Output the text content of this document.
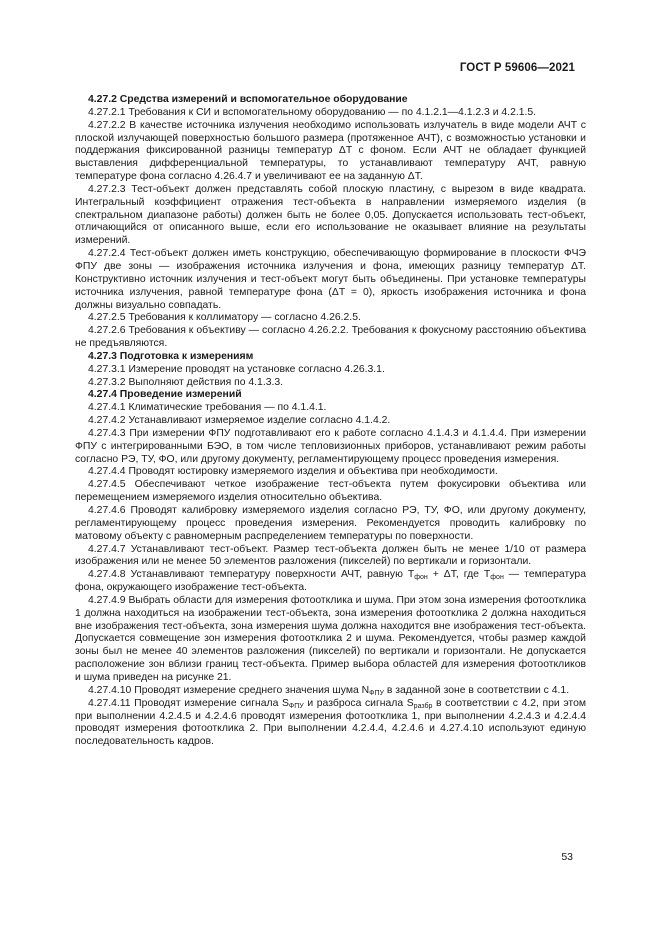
ГОСТ Р 59606—2021

4.27.2 Средства измерений и вспомогательное оборудование

4.27.2.1 Требования к СИ и вспомогательному оборудованию — по 4.1.2.1—4.1.2.3 и 4.2.1.5.

4.27.2.2 В качестве источника излучения необходимо использовать излучатель в виде модели АЧТ с плоской излучающей поверхностью большого размера (протяженное АЧТ), с возможностью установки и поддержания фиксированной разницы температур ΔT с фоном. Если АЧТ не обладает функцией выставления дифференциальной температуры, то устанавливают температуру АЧТ, равную температуре фона согласно 4.26.4.7 и увеличивают ее на заданную ΔT.

4.27.2.3 Тест-объект должен представлять собой плоскую пластину, с вырезом в виде квадрата. Интегральный коэффициент отражения тест-объекта в направлении измеряемого изделия (в спектральном диапазоне работы) должен быть не более 0,05. Допускается использовать тест-объект, отличающийся от описанного выше, если его использование не оказывает влияние на результаты измерений.

4.27.2.4 Тест-объект должен иметь конструкцию, обеспечивающую формирование в плоскости ФЧЭ ФПУ две зоны — изображения источника излучения и фона, имеющих разницу температур ΔT. Конструктивно источник излучения и тест-объект могут быть объединены. При установке температуры источника излучения, равной температуре фона (ΔT = 0), яркость изображения источника и фона должны визуально совпадать.

4.27.2.5 Требования к коллиматору — согласно 4.26.2.5.

4.27.2.6 Требования к объективу — согласно 4.26.2.2. Требования к фокусному расстоянию объектива не предъявляются.

4.27.3 Подготовка к измерениям

4.27.3.1 Измерение проводят на установке согласно 4.26.3.1.

4.27.3.2 Выполняют действия по 4.1.3.3.

4.27.4 Проведение измерений

4.27.4.1 Климатические требования — по 4.1.4.1.

4.27.4.2 Устанавливают измеряемое изделие согласно 4.1.4.2.

4.27.4.3 При измерении ФПУ подготавливают его к работе согласно 4.1.4.3 и 4.1.4.4. При измерении ФПУ с интегрированными БЭО, в том числе тепловизионных приборов, устанавливают режим работы согласно РЭ, ТУ, ФО, или другому документу, регламентирующему процесс проведения измерения.

4.27.4.4 Проводят юстировку измеряемого изделия и объектива при необходимости.

4.27.4.5 Обеспечивают четкое изображение тест-объекта путем фокусировки объектива или перемещением измеряемого изделия относительно объектива.

4.27.4.6 Проводят калибровку измеряемого изделия согласно РЭ, ТУ, ФО, или другому документу, регламентирующему процесс проведения измерения. Рекомендуется проводить калибровку по матовому объекту с равномерным распределением температуры по поверхности.

4.27.4.7 Устанавливают тест-объект. Размер тест-объекта должен быть не менее 1/10 от размера изображения или не менее 50 элементов разложения (пикселей) по вертикали и горизонтали.

4.27.4.8 Устанавливают температуру поверхности АЧТ, равную $T_{фон} + \Delta T$, где $T_{фон}$ — температура фона, окружающего изображение тест-объекта.

4.27.4.9 Выбрать области для измерения фотоотклика и шума. При этом зона измерения фотоотклика 1 должна находиться на изображении тест-объекта, зона измерения фотоотклика 2 должна находиться вне изображения тест-объекта, зона измерения шума должна находится вне изображения тест-объекта. Допускается совмещение зон измерения фотоотклика 2 и шума. Рекомендуется, чтобы размер каждой зоны был не менее 40 элементов разложения (пикселей) по вертикали и горизонтали. Не допускается расположение зон вблизи границ тест-объекта. Пример выбора областей для измерения фотооткликов и шума приведен на рисунке 21.

4.27.4.10 Проводят измерение среднего значения шума $N_{ФПУ}$ в заданной зоне в соответствии с 4.1.

4.27.4.11 Проводят измерение сигнала $S_{ФПУ}$ и разброса сигнала $S_{разбр}$ в соответствии с 4.2, при этом при выполнении 4.2.4.5 и 4.2.4.6 проводят измерения фотоотклика 1, при выполнении 4.2.4.3 и 4.2.4.4 проводят измерения фотоотклика 2. При выполнении 4.2.4.4, 4.2.4.6 и 4.27.4.10 используют единую последовательность кадров.

53
